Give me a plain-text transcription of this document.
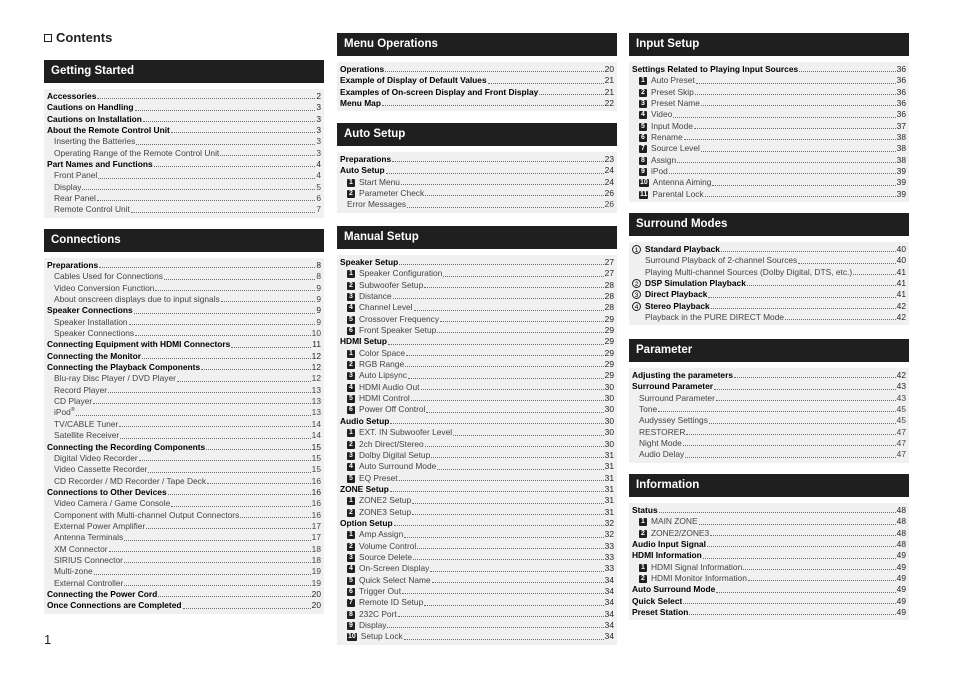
Contents
Getting Started
Accessories	2
Cautions on Handling	3
Cautions on Installation	3
About the Remote Control Unit	3
Inserting the Batteries	3
Operating Range of the Remote Control Unit	3
Part Names and Functions	4
Front Panel	4
Display	5
Rear Panel	6
Remote Control Unit	7
Connections
Preparations	8
Cables Used for Connections	8
Video Conversion Function	9
About onscreen displays due to input signals	9
Speaker Connections	9
Speaker Installation	9
Speaker Connections	10
Connecting Equipment with HDMI Connectors	11
Connecting the Monitor	12
Connecting the Playback Components	12
Blu-ray Disc Player / DVD Player	12
Record Player	13
CD Player	13
iPod®	13
TV/CABLE Tuner	14
Satellite Receiver	14
Connecting the Recording Components	15
Digital Video Recorder	15
Video Cassette Recorder	15
CD Recorder / MD Recorder / Tape Deck	16
Connections to Other Devices	16
Video Camera / Game Console	16
Component with Multi-channel Output Connectors	16
External Power Amplifier	17
Antenna Terminals	17
XM Connector	18
SIRIUS Connector	18
Multi-zone	19
External Controller	19
Connecting the Power Cord	20
Once Connections are Completed	20
Menu Operations
Operations	20
Example of Display of Default Values	21
Examples of On-screen Display and Front Display	21
Menu Map	22
Auto Setup
Preparations	23
Auto Setup	24
1 Start Menu	24
2 Parameter Check	26
Error Messages	26
Manual Setup
Speaker Setup	27
1 Speaker Configuration	27
2 Subwoofer Setup	28
3 Distance	28
4 Channel Level	28
5 Crossover Frequency	29
6 Front Speaker Setup	29
HDMI Setup	29
1 Color Space	29
2 RGB Range	29
3 Auto Lipsync	29
4 HDMI Audio Out	30
5 HDMI Control	30
6 Power Off Control	30
Audio Setup	30
1 EXT. IN Subwoofer Level	30
2 2ch Direct/Stereo	30
3 Dolby Digital Setup	31
4 Auto Surround Mode	31
5 EQ Preset	31
ZONE Setup	31
1 ZONE2 Setup	31
2 ZONE3 Setup	31
Option Setup	32
1 Amp Assign	32
2 Volume Control	33
3 Source Delete	33
4 On-Screen Display	33
5 Quick Select Name	34
6 Trigger Out	34
7 Remote ID Setup	34
8 232C Port	34
9 Display	34
10 Setup Lock	34
Input Setup
Settings Related to Playing Input Sources	36
1 Auto Preset	36
2 Preset Skip	36
3 Preset Name	36
4 Video	36
5 Input Mode	37
6 Rename	38
7 Source Level	38
8 Assign	38
9 iPod	39
10 Antenna Aiming	39
11 Parental Lock	39
Surround Modes
1 Standard Playback	40
Surround Playback of 2-channel Sources	40
Playing Multi-channel Sources (Dolby Digital, DTS, etc.)	41
2 DSP Simulation Playback	41
3 Direct Playback	41
4 Stereo Playback	42
Playback in the PURE DIRECT Mode	42
Parameter
Adjusting the parameters	42
Surround Parameter	43
Surround Parameter	43
Tone	45
Audyssey Settings	45
RESTORER	47
Night Mode	47
Audio Delay	47
Information
Status	48
1 MAIN ZONE	48
2 ZONE2/ZONE3	48
Audio Input Signal	48
HDMI Information	49
1 HDMI Signal Information	49
2 HDMI Monitor Information	49
Auto Surround Mode	49
Quick Select	49
Preset Station	49
1
